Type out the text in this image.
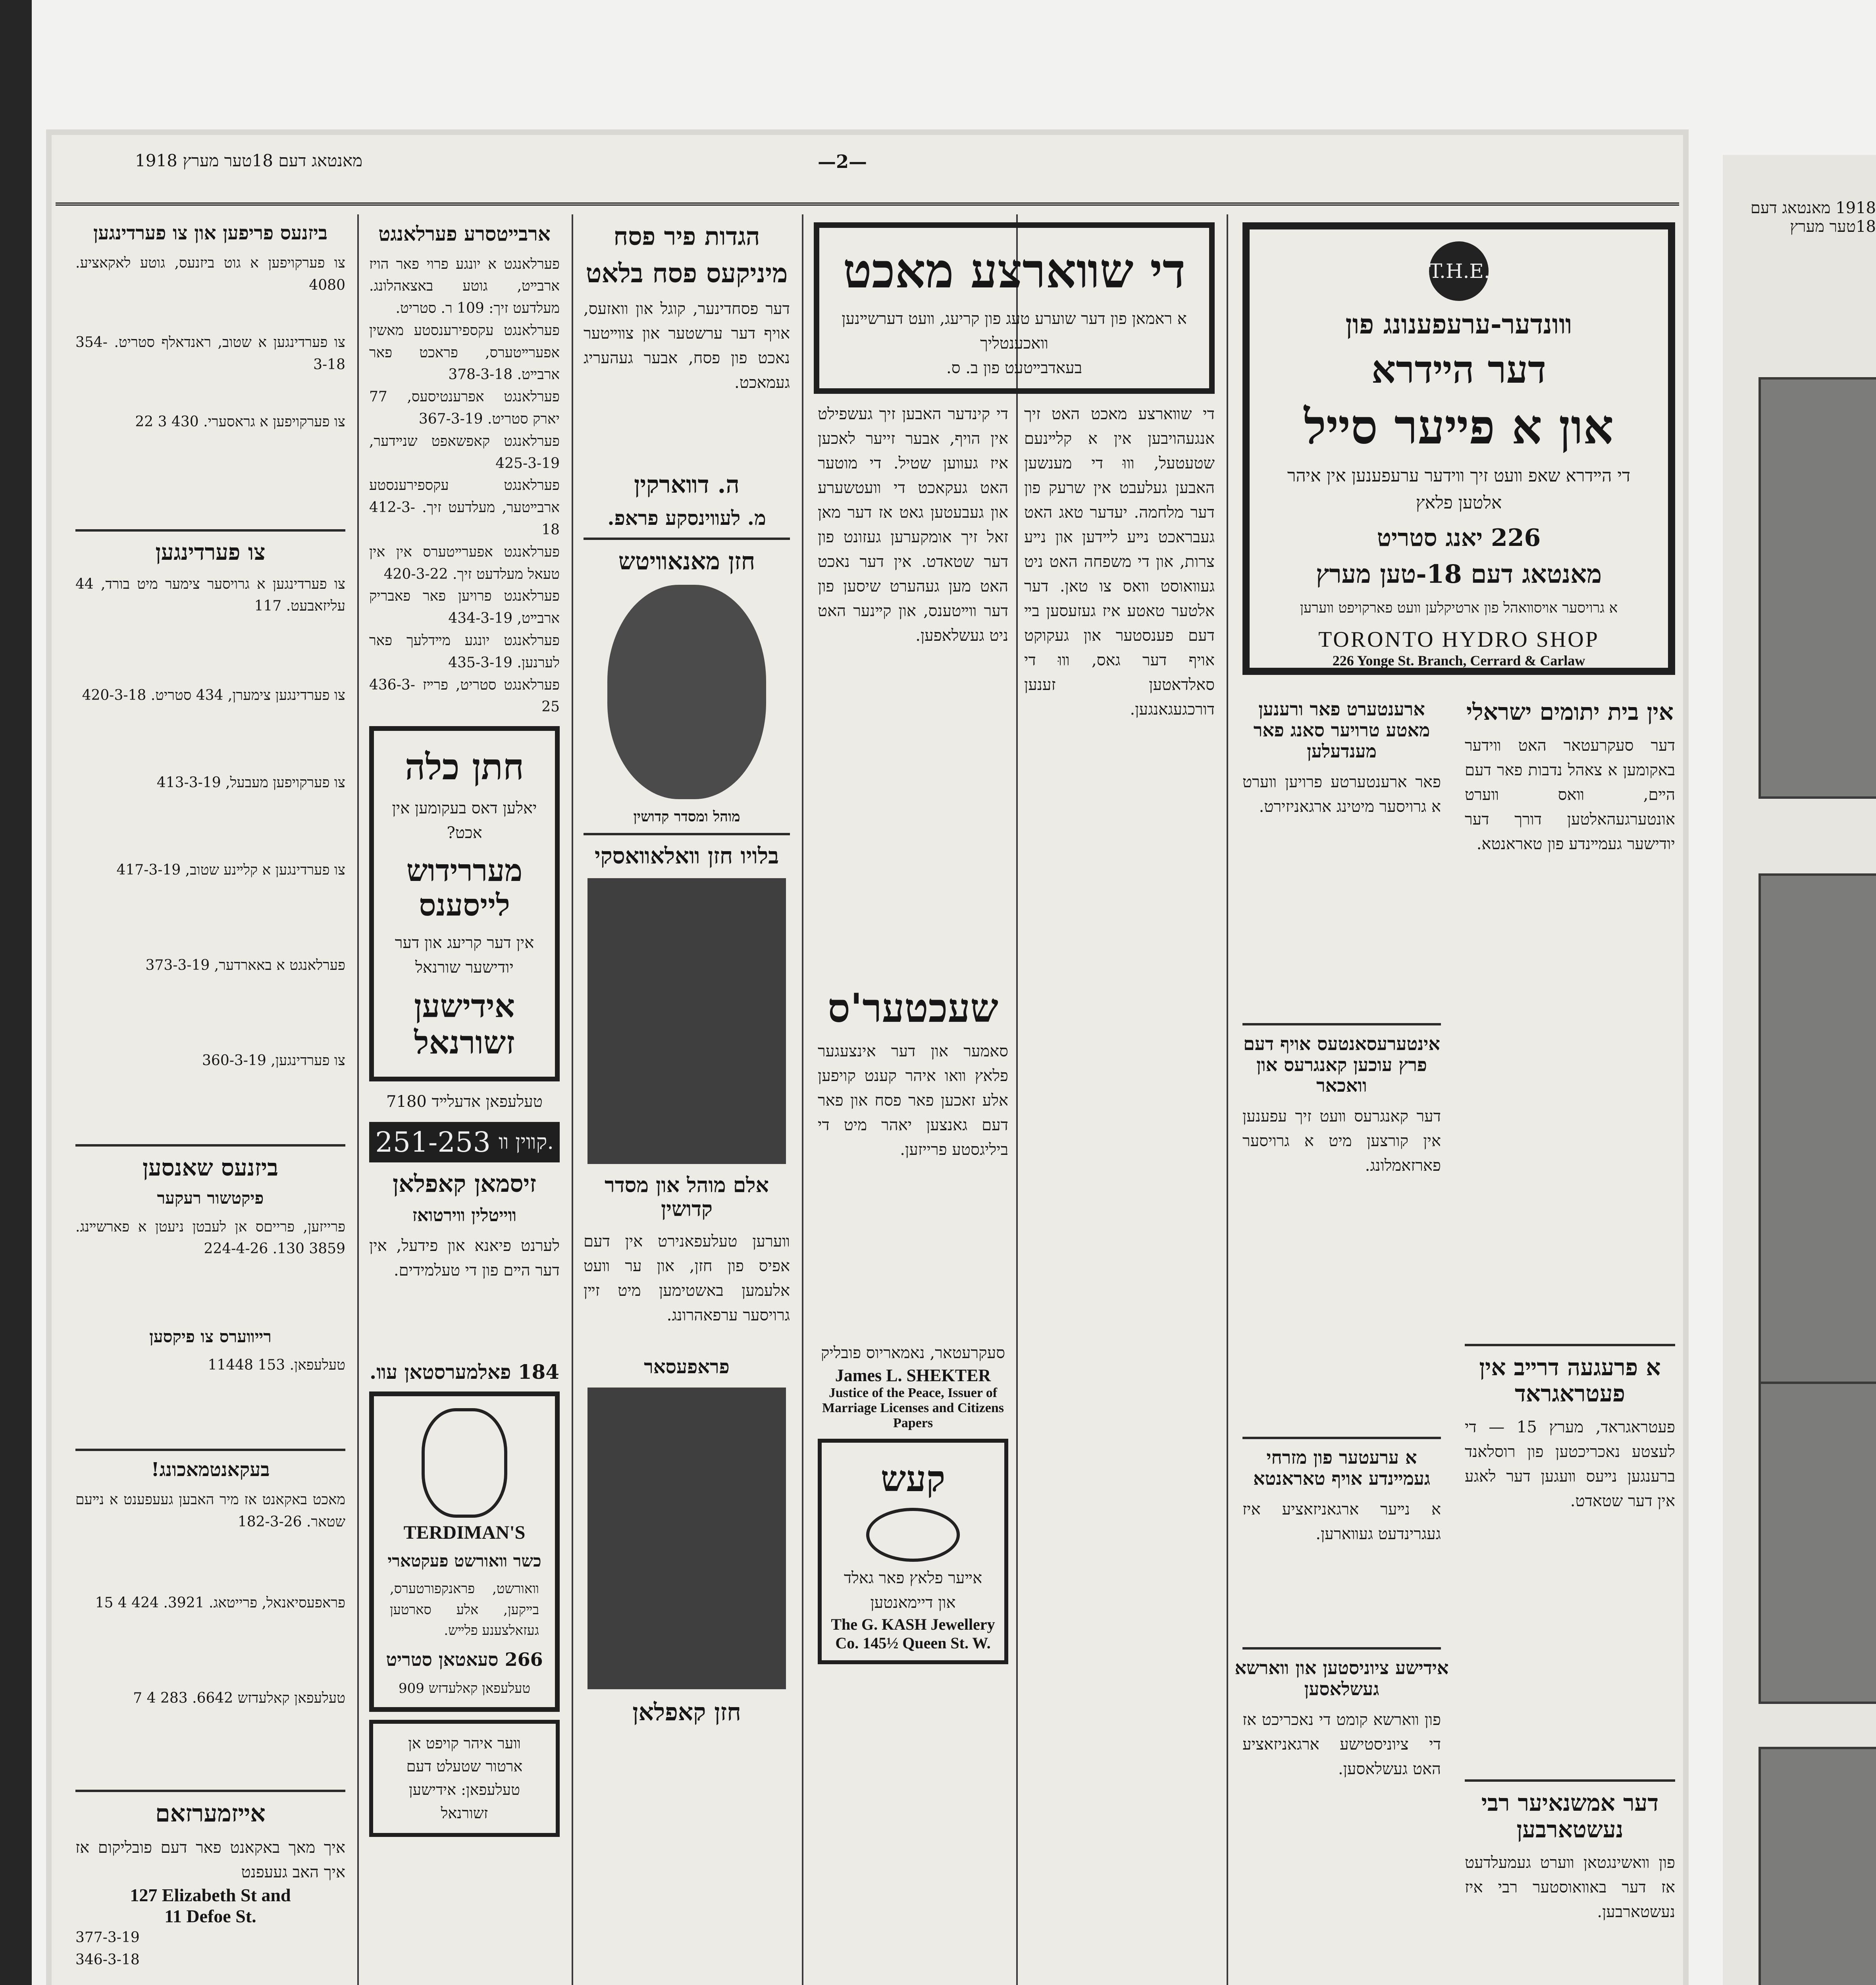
1918 מאנטאג דעם 18טער מערץ
מאנטאג דעם 18טער מערץ 1918	—2—
T.H.E.
װונדער-ערעפענונג פון
דער הײדרא
און א פײער סײל
די הײדרא שאפ װעט זיך װידער ערעפענען אין איהר אלטען פלאץ
226 יאנג סטריט
מאנטאג דעם 18-טען מערץ
א גרויסער אױסװאהל פון ארטיקלען װעט פארקויפט װערען
TORONTO HYDRO SHOP
226 Yonge St. Branch, Cerrard & Carlaw
אין בית יתומים ישראלי
דער סעקרעטאר האט װידער באקומען א צאהל נדבות פאר דעם הײם, װאס װערט אונטערגעהאלטען דורך דער יודישער געמײנדע פון טאראנטא.
א פרעגעה דרײב אין פעטראגראד
פעטראגראד, מערץ 15 — די לעצטע נאכריכטען פון רוסלאנד ברענגען נײעס װעגען דער לאגע אין דער שטאדט.
דער אמשנאיער רבי נעשטארבען
פון װאשינגטאן װערט געמעלדעט אז דער באװאוסטער רבי איז נעשטארבען.
ארענטערט פאר ורענען מאטע טרויער סאנג פאר מענדעלען
פאר ארענטערטע פרויען װערט א גרויסער מיטינג ארגאניזירט.
אינטערעסאנטעס אויף דעם פרץ עוכען קאנגרעס און וואכאר
דער קאנגרעס װעט זיך עפענען אין קורצען מיט א גרויסער פארזאמלונג.
א ערעטער פון מזרחי געמײנדע אויף טאראנטא
א נײער ארגאניזאציע איז געגרינדעט געװארען.
אידישע ציוניסטען און װארשא געשלאסען
פון װארשא קומט די נאכריכט אז די ציוניסטישע ארגאניזאציע האט געשלאסען.
די שװארצע מאכט
א ראמאן פון דער שוערע טעג פון קריעג, װעט דערשײנען װאכענטליך
בעאדבײטעט פון ב. ס.
די שװארצע מאכט האט זיך אנגעהויבען אין א קלײנעם שטעטעל, װוּ די מענשען האבען געלעבט אין שרעק פון דער מלחמה. יעדער טאג האט געבראכט נײע לײדען און נײע צרות, און די משפחה האט ניט געװאוסט װאס צו טאן. דער אלטער טאטע איז געזעסען בײ דעם פענסטער און געקוקט אויף דער גאס, װוּ די סאלדאטען זענען דורכגעגאנגען.
די קינדער האבען זיך געשפילט אין הויף, אבער זייער לאכען איז געװען שטיל. די מוטער האט געקאכט די װעטשערע און געבעטען גאט אז דער מאן זאל זיך אומקערען געזונט פון דער שטאדט. אין דער נאכט האט מען געהערט שיסען פון דער װײטענס, און קײנער האט ניט געשלאפען.
שעכטער'ס
סאמער און דער אינצעגער פלאץ װאו איהר קענט קויפען אלע זאכען פאר פסח און פאר דעם גאנצען יאהר מיט די ביליגסטע פרייזען.
סעקרעטאר, נאמאריוס פובליק
James L. SHEKTER
Justice of the Peace, Issuer of Marriage Licenses and Citizens Papers
קעש
אײער פלאץ פאר גאלד און דיימאנטען
The G. KASH Jewellery Co. 145½ Queen St. W.
הגדות פיר פסח
מיניקעס פסח בלאט
דער פסחדינער, קוגל און װאזעס, אויף דער ערשטער און צװײטער נאכט פון פסח, אבער געהעריג געמאכט.
ה. דװארקין
מ. לעװינסקע פראפ.
חזן מאנאװיטש
מוהל ומסדר קדושין
בלויו חזן װאלאװאסקי
אלם מוהל און מסדר קדושין
װערען טעלעפאנירט אין דעם אפיס פון חזן, און ער װעט אלעמען באשטימען מיט זײן גרויסער ערפאהרונג.
פראפעסאר
חזן קאפלאן
ארבײטסרע פערלאנגט
פערלאנגט א יונגע פרוי פאר הויז ארבײט, גוטע באצאהלונג. מעלדעט זיך: 109 ר. סטריט.
פערלאנגט עקספירענסטע מאשין אפערײטערס, פראכט פאר ארבײט. 378-3-18
פערלאנגט אפרענטיסעס, 77 יארק סטריט. 367-3-19
פערלאנגט קאפשאפט שנײדער, 425-3-19
פערלאנגט עקספירענסטע ארבײטער, מעלדעט זיך. 412-3-18
פערלאנגט אפערײטערס אין אין טעאל מעלדעט זיך. 420-3-22
פערלאנגט פרויען פאר פאבריק ארבײט, 434-3-19
פערלאנגט יונגע מײדלעך פאר לערנען. 435-3-19
פערלאנגט סטריט, פרײז 436-3-25
חתן כלה
יאלען דאס בעקומען אין אכט?
מעררידוש לייסענס
אין דער קריעג און דער יודישער שורנאל
אידישען זשורנאל
טעלעפאן אדעלײד 7180
251-253 קװין װ.
זיסמאן קאפלאן
װײטלין װירטואז
לערנט פיאנא און פידעל, אין דער הײם פון די טעלמידים.
184 פאלמערסטאן עװ.
TERDIMAN'S
כשר װאורשט פעקטארי
װאורשט, פראנקפורטערס, בײקען, אלע סארטען געזאלצענע פלײש.
266 סעאטאן סטריט
טעלעפאן קאלעדזש 909
װער איהר קויפט אן ארטור שטעלט דעם טעלעפאן: אידישען זשורנאל
ביזנעס פריפען און צו פערדינגען
צו פערקויפען א גוט ביזנעס, גוטע לאקאציע. 4080
צו פערדינגען א שטוב, ראנדאלף סטריט. 354-3-18
צו פערקויפען א גראסערי. 430 3 22
צו פערדינגען
צו פערדינגען א גרויסער צימער מיט בורד, 44 עליזאבעט. 117
צו פערדינגען צימערן, 434 סטריט. 420-3-18
צו פערקויפען מעבעל, 413-3-19
צו פערדינגען א קלײנע שטוב, 417-3-19
פערלאנגט א באארדער, 373-3-19
צו פערדינגען, 360-3-19
ביזנעס שאנסען
פיקטשור רעקער
פרייזען, פרייםס אן לעבטן ניעטן א פארשײנג. 3859 130. 224-4-26
רײװערס צו פיקסען
טעלעפאן. 153 11448
בעקאנטמאכונג!
מאכט באקאנט אז מיר האבען געעפענט א נײעם שטאר. 182-3-26
פראפעסיאנאל, פרייטאג. 3921. 424 4 15
טעלעפאן קאלעדזש 6642. 283 4 7
אײזמערזאם
איך מאך באקאנט פאר דעם פובליקום אז איך האב געעפנט
127 Elizabeth St and
11 Defoe St.
377-3-19
346-3-18
